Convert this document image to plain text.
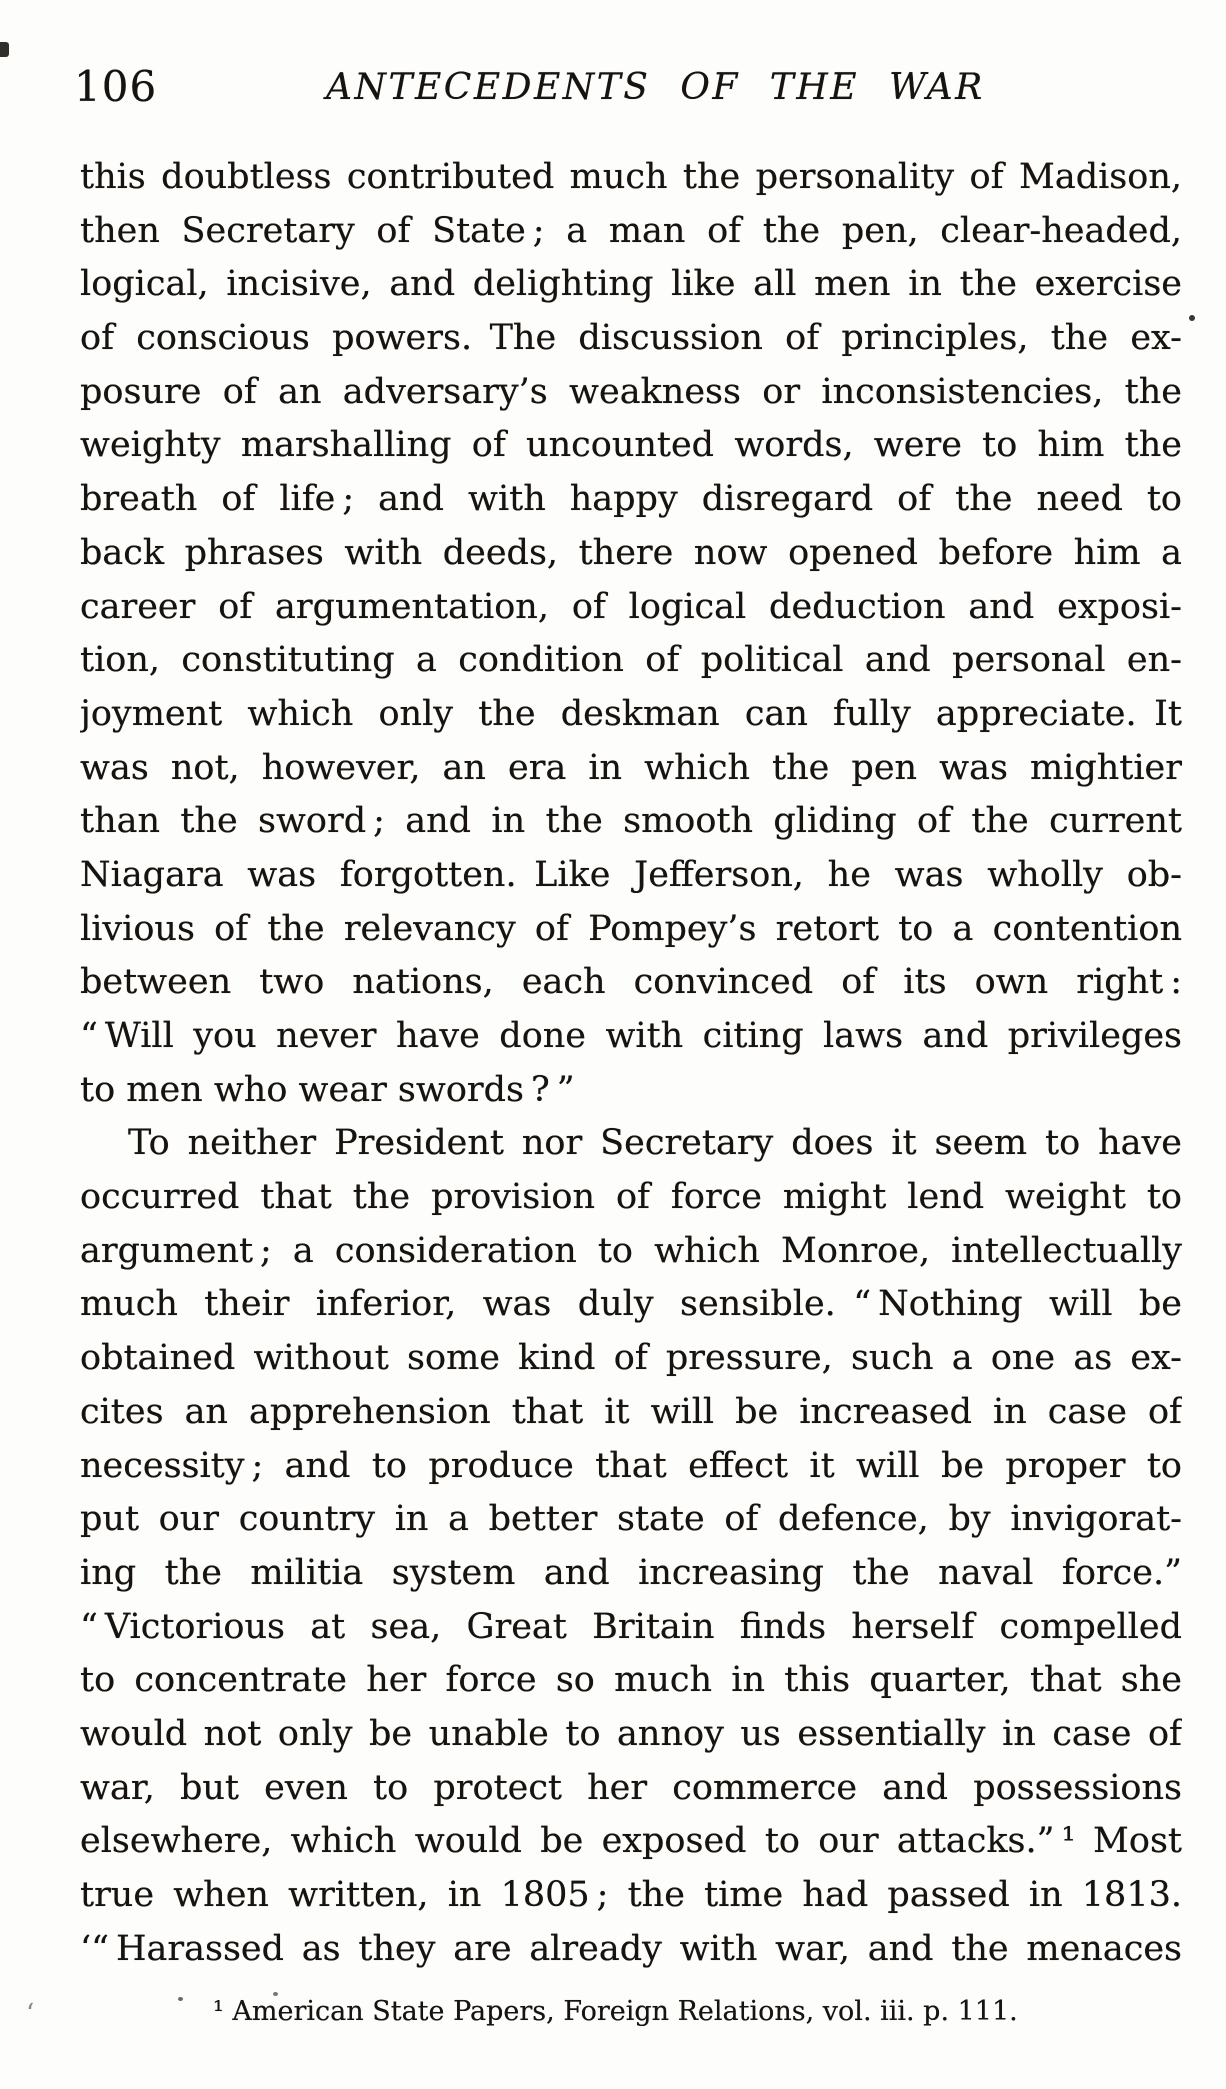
106	ANTECEDENTS OF THE WAR
this doubtless contributed much the personality of Madison,
then Secretary of State ; a man of the pen, clear-headed,
logical, incisive, and delighting like all men in the exercise
of conscious powers. The discussion of principles, the ex-
posure of an adversary’s weakness or inconsistencies, the
weighty marshalling of uncounted words, were to him the
breath of life ; and with happy disregard of the need to
back phrases with deeds, there now opened before him a
career of argumentation, of logical deduction and exposi-
tion, constituting a condition of political and personal en-
joyment which only the deskman can fully appreciate. It
was not, however, an era in which the pen was mightier
than the sword ; and in the smooth gliding of the current
Niagara was forgotten. Like Jefferson, he was wholly ob-
livious of the relevancy of Pompey’s retort to a contention
between two nations, each convinced of its own right :
“ Will you never have done with citing laws and privileges
to men who wear swords ? ”
To neither President nor Secretary does it seem to have
occurred that the provision of force might lend weight to
argument ; a consideration to which Monroe, intellectually
much their inferior, was duly sensible. “ Nothing will be
obtained without some kind of pressure, such a one as ex-
cites an apprehension that it will be increased in case of
necessity ; and to produce that effect it will be proper to
put our country in a better state of defence, by invigorat-
ing the militia system and increasing the naval force.”
“ Victorious at sea, Great Britain finds herself compelled
to concentrate her force so much in this quarter, that she
would not only be unable to annoy us essentially in case of
war, but even to protect her commerce and possessions
elsewhere, which would be exposed to our attacks.” ¹ Most
true when written, in 1805 ; the time had passed in 1813.
‘“ Harassed as they are already with war, and the menaces
¹ American State Papers, Foreign Relations, vol. iii. p. 111.
‘
